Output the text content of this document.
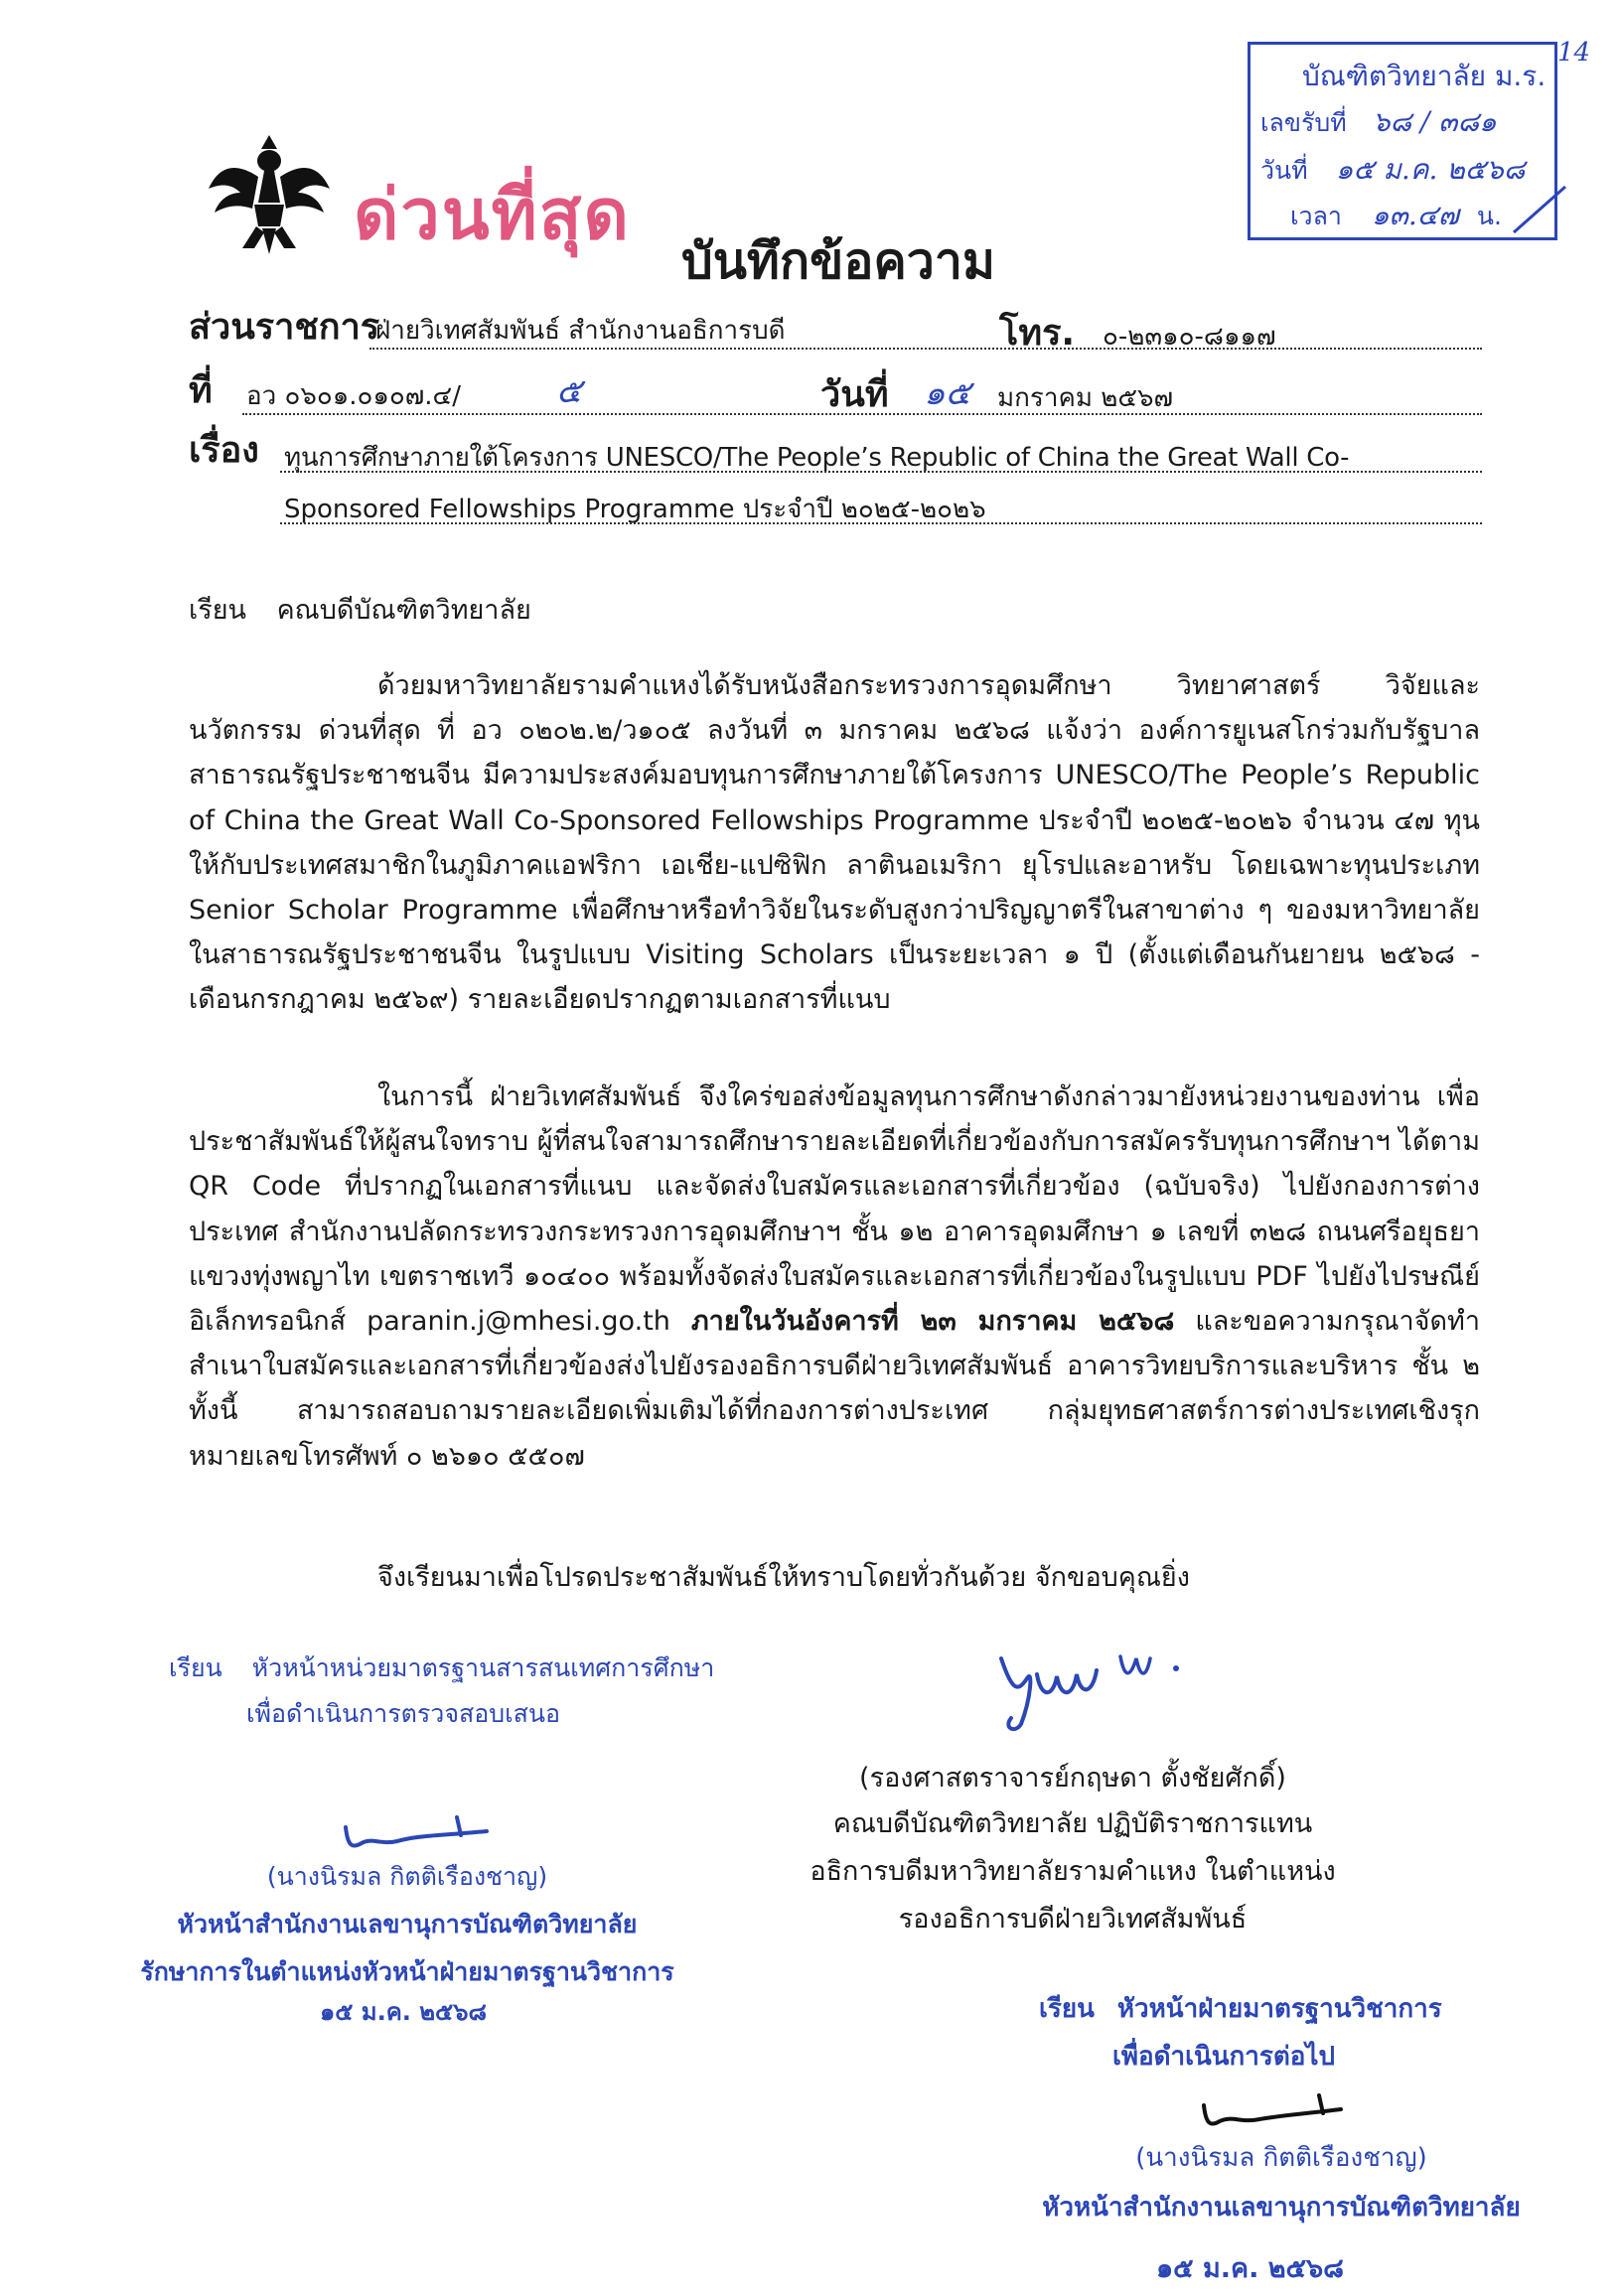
14
บัณฑิตวิทยาลัย ม.ร.
เลขรับที่ ๖๘ / ๓๘๑
วันที่ ๑๕ ม.ค. ๒๕๖๘
เวลา ๑๓.๔๗ น.
ด่วนที่สุด
บันทึกข้อความ
ส่วนราชการ
ฝ่ายวิเทศสัมพันธ์ สำนักงานอธิการบดี	โทร. ๐-๒๓๑๐-๘๑๑๗
ที่ อว ๐๖๐๑.๐๑๐๗.๔/	๕	วันที่ ๑๕ มกราคม ๒๕๖๗
เรื่อง ทุนการศึกษาภายใต้โครงการ UNESCO/The People’s Republic of China the Great Wall Co-
Sponsored Fellowships Programme ประจำปี ๒๐๒๕-๒๐๒๖
เรียน คณบดีบัณฑิตวิทยาลัย

ด้วยมหาวิทยาลัยรามคำแหงได้รับหนังสือกระทรวงการอุดมศึกษา วิทยาศาสตร์ วิจัยและนวัตกรรม ด่วนที่สุด ที่ อว ๐๒๐๒.๒/ว๑๐๕ ลงวันที่ ๓ มกราคม ๒๕๖๘ แจ้งว่า องค์การยูเนสโกร่วมกับรัฐบาลสาธารณรัฐประชาชนจีน มีความประสงค์มอบทุนการศึกษาภายใต้โครงการ UNESCO/The People’s Republic of China the Great Wall Co-Sponsored Fellowships Programme ประจำปี ๒๐๒๕-๒๐๒๖ จำนวน ๔๗ ทุน ให้กับประเทศสมาชิกในภูมิภาคแอฟริกา เอเชีย-แปซิฟิก ลาตินอเมริกา ยุโรปและอาหรับ โดยเฉพาะทุนประเภท Senior Scholar Programme เพื่อศึกษาหรือทำวิจัยในระดับสูงกว่าปริญญาตรีในสาขาต่าง ๆ ของมหาวิทยาลัยในสาธารณรัฐประชาชนจีน ในรูปแบบ Visiting Scholars เป็นระยะเวลา ๑ ปี (ตั้งแต่เดือนกันยายน ๒๕๖๘ - เดือนกรกฎาคม ๒๕๖๙) รายละเอียดปรากฏตามเอกสารที่แนบ

ในการนี้ ฝ่ายวิเทศสัมพันธ์ จึงใคร่ขอส่งข้อมูลทุนการศึกษาดังกล่าวมายังหน่วยงานของท่าน เพื่อประชาสัมพันธ์ให้ผู้สนใจทราบ ผู้ที่สนใจสามารถศึกษารายละเอียดที่เกี่ยวข้องกับการสมัครรับทุนการศึกษาฯ ได้ตาม QR Code ที่ปรากฏในเอกสารที่แนบ และจัดส่งใบสมัครและเอกสารที่เกี่ยวข้อง (ฉบับจริง) ไปยังกองการต่างประเทศ สำนักงานปลัดกระทรวงกระทรวงการอุดมศึกษาฯ ชั้น ๑๒ อาคารอุดมศึกษา ๑ เลขที่ ๓๒๘ ถนนศรีอยุธยา แขวงทุ่งพญาไท เขตราชเทวี ๑๐๔๐๐ พร้อมทั้งจัดส่งใบสมัครและเอกสารที่เกี่ยวข้องในรูปแบบ PDF ไปยังไปรษณีย์อิเล็กทรอนิกส์ paranin.j@mhesi.go.th ภายในวันอังคารที่ ๒๓ มกราคม ๒๕๖๘ และขอความกรุณาจัดทำสำเนาใบสมัครและเอกสารที่เกี่ยวข้องส่งไปยังรองอธิการบดีฝ่ายวิเทศสัมพันธ์ อาคารวิทยบริการและบริหาร ชั้น ๒ ทั้งนี้ สามารถสอบถามรายละเอียดเพิ่มเติมได้ที่กองการต่างประเทศ กลุ่มยุทธศาสตร์การต่างประเทศเชิงรุก หมายเลขโทรศัพท์ ๐ ๒๖๑๐ ๕๕๐๗

จึงเรียนมาเพื่อโปรดประชาสัมพันธ์ให้ทราบโดยทั่วกันด้วย จักขอบคุณยิ่ง
เรียน หัวหน้าหน่วยมาตรฐานสารสนเทศการศึกษา
เพื่อดำเนินการตรวจสอบเสนอ
(นางนิรมล กิตติเรืองชาญ)
หัวหน้าสำนักงานเลขานุการบัณฑิตวิทยาลัย
รักษาการในตำแหน่งหัวหน้าฝ่ายมาตรฐานวิชาการ
๑๕ ม.ค. ๒๕๖๘
(รองศาสตราจารย์กฤษดา ตั้งชัยศักดิ์)
คณบดีบัณฑิตวิทยาลัย ปฏิบัติราชการแทน
อธิการบดีมหาวิทยาลัยรามคำแหง ในตำแหน่ง
รองอธิการบดีฝ่ายวิเทศสัมพันธ์
เรียน หัวหน้าฝ่ายมาตรฐานวิชาการ
เพื่อดำเนินการต่อไป
(นางนิรมล กิตติเรืองชาญ)
หัวหน้าสำนักงานเลขานุการบัณฑิตวิทยาลัย
๑๕ ม.ค. ๒๕๖๘
